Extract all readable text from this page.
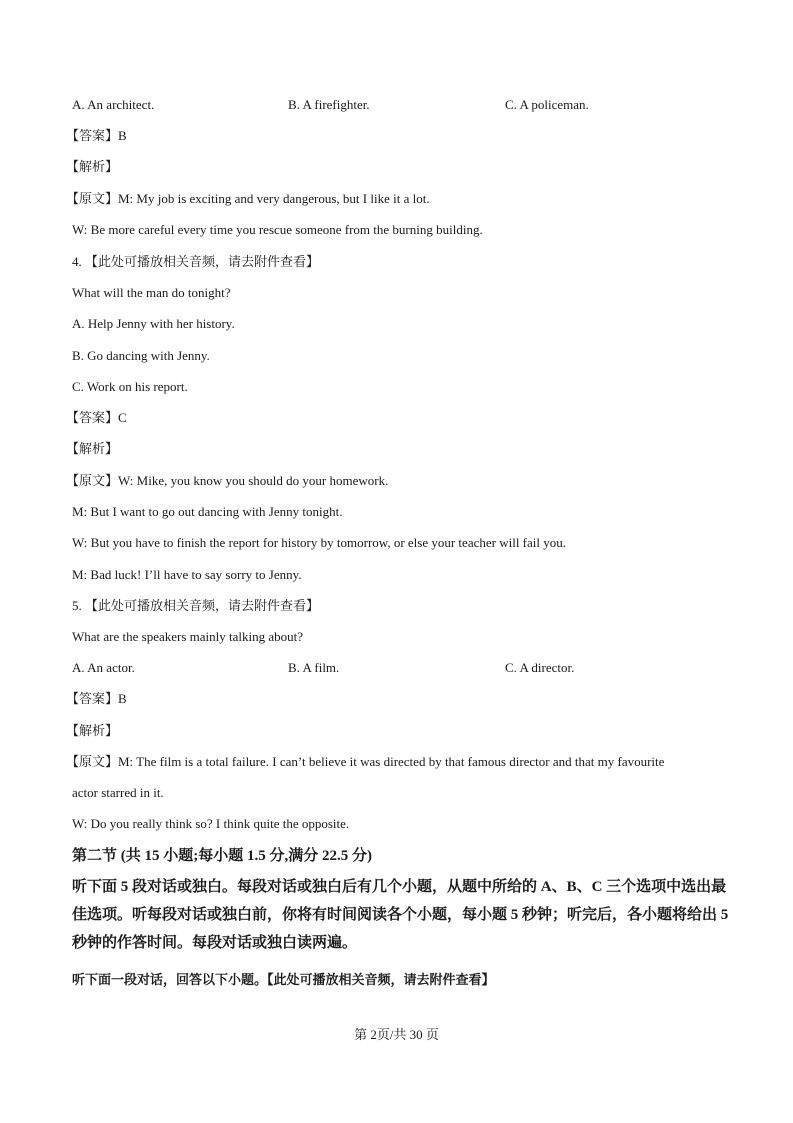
A. An architect.	B. A firefighter.	C. A policeman.
【答案】B
【解析】
【原文】M: My job is exciting and very dangerous, but I like it a lot.
W: Be more careful every time you rescue someone from the burning building.
4. 【此处可播放相关音频，请去附件查看】
What will the man do tonight?
A. Help Jenny with her history.
B. Go dancing with Jenny.
C. Work on his report.
【答案】C
【解析】
【原文】W: Mike, you know you should do your homework.
M: But I want to go out dancing with Jenny tonight.
W: But you have to finish the report for history by tomorrow, or else your teacher will fail you.
M: Bad luck! I’ll have to say sorry to Jenny.
5. 【此处可播放相关音频，请去附件查看】
What are the speakers mainly talking about?
A. An actor.	B. A film.	C. A director.
【答案】B
【解析】
【原文】M: The film is a total failure. I can’t believe it was directed by that famous director and that my favourite
actor starred in it.
W: Do you really think so? I think quite the opposite.
第二节 (共 15 小题;每小题 1.5 分,满分 22.5 分)
听下面 5 段对话或独白。每段对话或独白后有几个小题，从题中所给的 A、B、C 三个选项中选出最佳选项。听每段对话或独白前，你将有时间阅读各个小题，每小题 5 秒钟；听完后，各小题将给出 5 秒钟的作答时间。每段对话或独白读两遍。
听下面一段对话，回答以下小题。【此处可播放相关音频，请去附件查看】
第 2页/共 30 页
